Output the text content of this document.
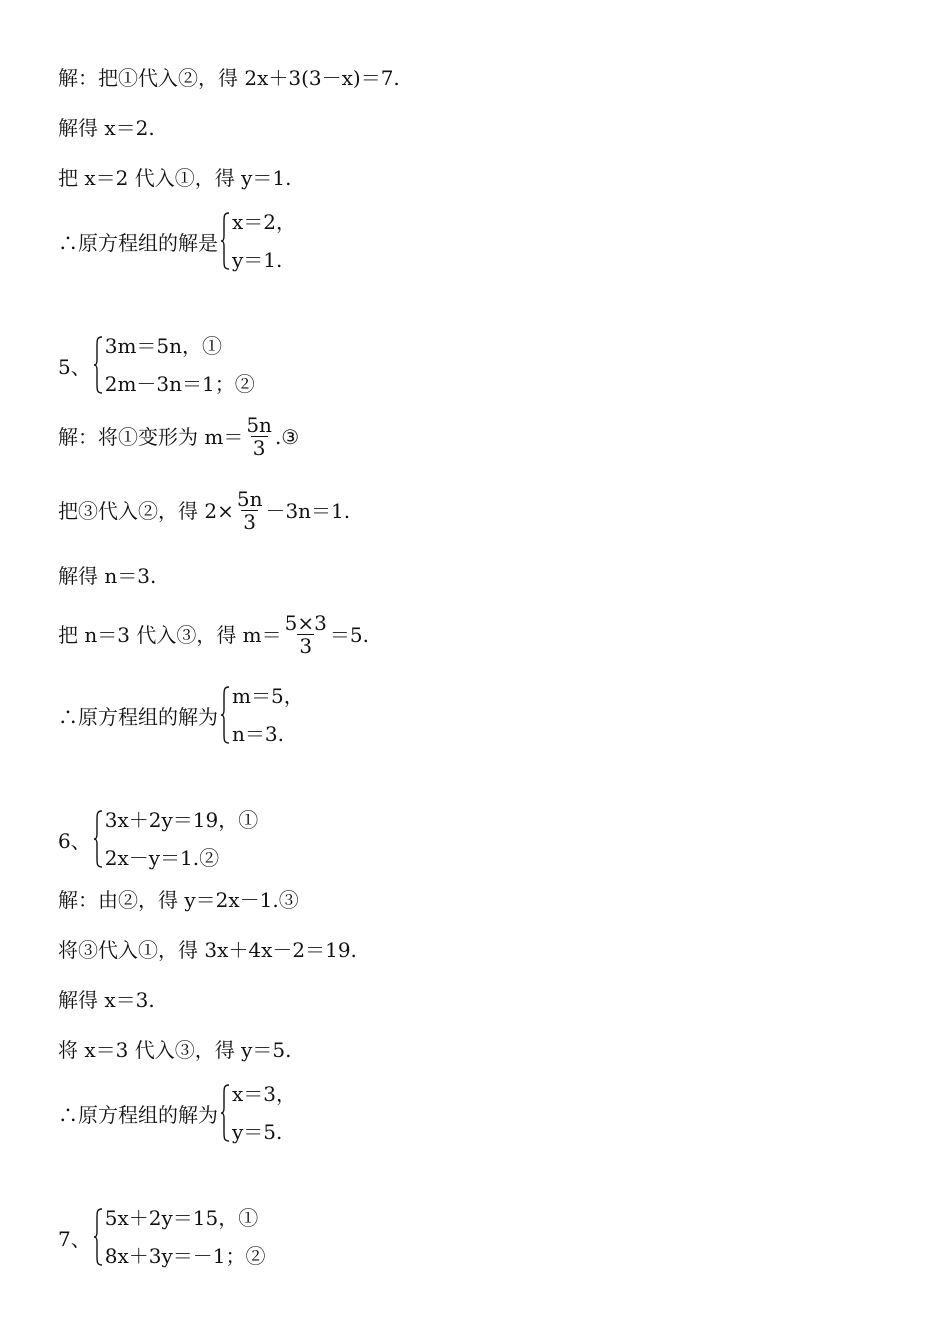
解：把①代入②，得 2x＋3(3－x)＝7.
解得 x＝2.
把 x＝2 代入①，得 y＝1.
∴原方程组的解是
x＝2，
y＝1.
5、
3m＝5n，①
2m－3n＝1；②
解：将①变形为 $m= \frac{5n}{3}$ .③
把③代入②，得 $2\times \frac{5n}{3} -3n=1$.
解得 n＝3.
把 n＝3 代入③，得 $m= \frac{5\times 3}{3} =5$.
∴原方程组的解为
m＝5，
n＝3.
6、
3x＋2y＝19，①
2x－y＝1.②
解：由②，得 y＝2x－1.③
将③代入①，得 3x＋4x－2＝19.
解得 x＝3.
将 x＝3 代入③，得 y＝5.
∴原方程组的解为
x＝3，
y＝5.
7、
5x＋2y＝15，①
8x＋3y＝－1；②
